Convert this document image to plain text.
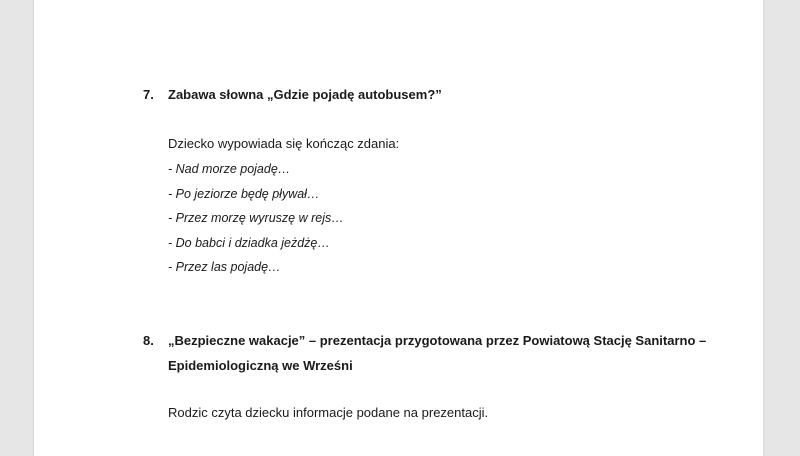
7. Zabawa słowna „Gdzie pojadę autobusem?”
Dziecko wypowiada się kończąc zdania:
- Nad morze pojadę…
- Po jeziorze będę pływał…
- Przez morzę wyruszę w rejs…
- Do babci i dziadka jeżdżę…
- Przez las pojadę…
8. „Bezpieczne wakacje” – prezentacja przygotowana przez Powiatową Stację Sanitarno –
Epidemiologiczną we Wrześni
Rodzic czyta dziecku informacje podane na prezentacji.
